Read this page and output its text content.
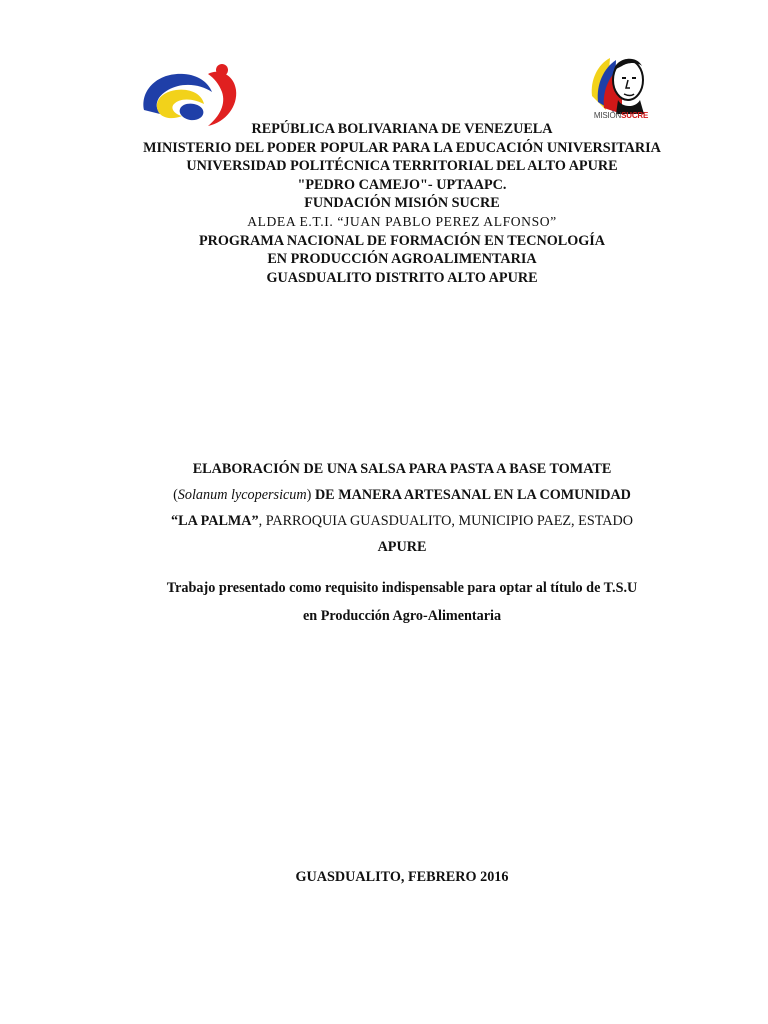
MISIÓNSUCRE
REPÚBLICA BOLIVARIANA DE VENEZUELA
MINISTERIO DEL PODER POPULAR PARA LA EDUCACIÓN UNIVERSITARIA
UNIVERSIDAD POLITÉCNICA TERRITORIAL DEL ALTO APURE
"PEDRO CAMEJO"- UPTAAPC.
FUNDACIÓN MISIÓN SUCRE
ALDEA E.T.I. “JUAN PABLO PEREZ ALFONSO”
PROGRAMA NACIONAL DE FORMACIÓN EN TECNOLOGÍA
EN PRODUCCIÓN AGROALIMENTARIA
GUASDUALITO DISTRITO ALTO APURE
ELABORACIÓN DE UNA SALSA PARA PASTA A BASE TOMATE
(Solanum lycopersicum) DE MANERA ARTESANAL EN LA COMUNIDAD
“LA PALMA”, PARROQUIA GUASDUALITO, MUNICIPIO PAEZ, ESTADO
APURE
Trabajo presentado como requisito indispensable para optar al título de T.S.U
en Producción Agro-Alimentaria
GUASDUALITO, FEBRERO 2016
